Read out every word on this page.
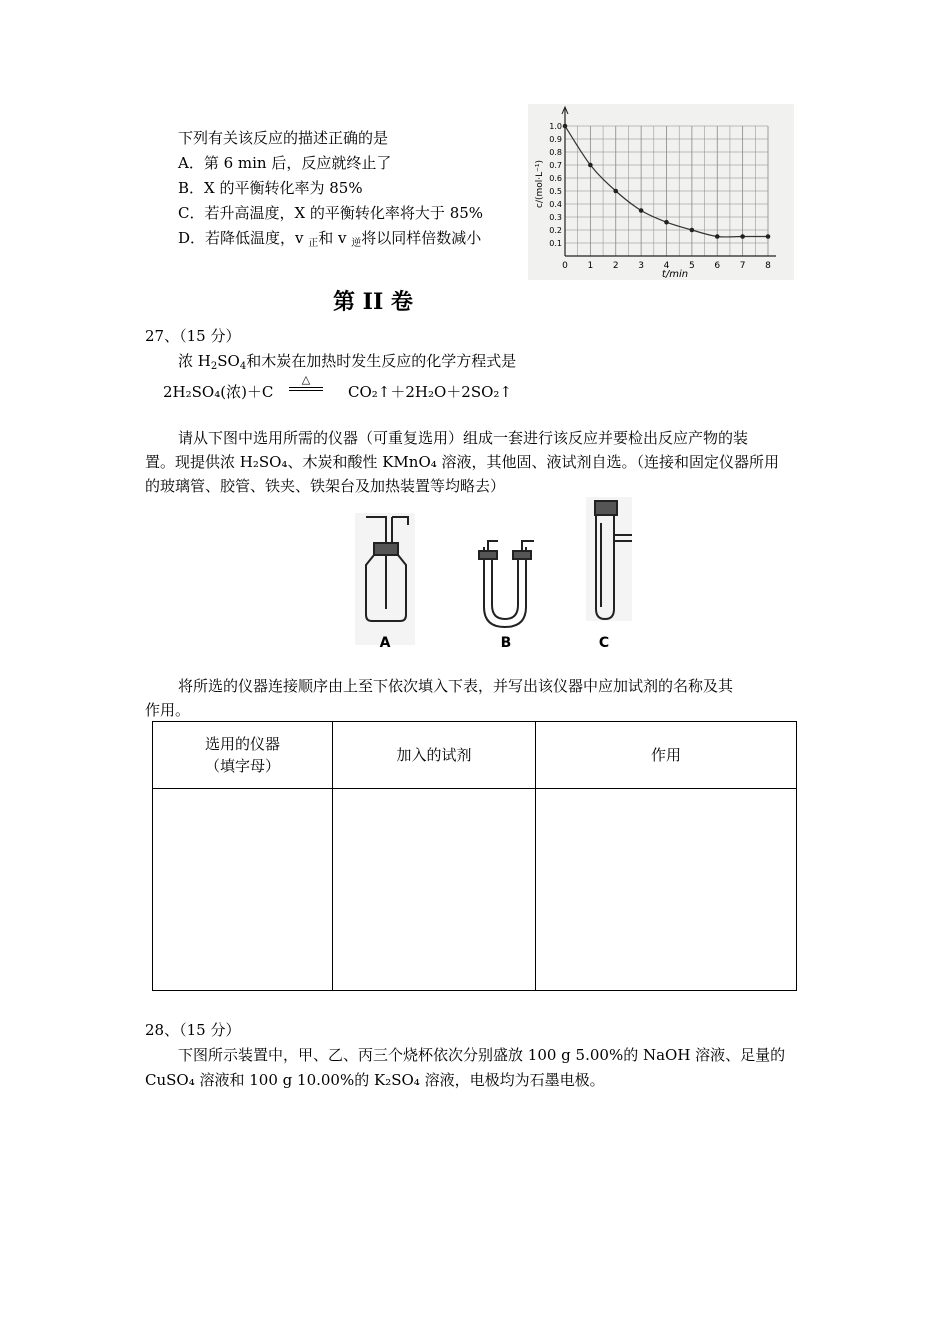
下列有关该反应的描述正确的是
A．第 6 min 后，反应就终止了
B．X 的平衡转化率为 85%
C．若升高温度，X 的平衡转化率将大于 85%
D．若降低温度，v $_正$和 v $_逆$将以同样倍数减小
0 1 2 3 4 5 6 7 8
0.1
0.2
0.3
0.4
0.5
0.6
0.7
0.8
0.9
1.0
t/min
c/(mol·L⁻¹)
第 II 卷
27、（15 分）
浓 $H_2SO_4$和木炭在加热时发生反应的化学方程式是
2H₂SO₄(浓)＋C
△
CO₂↑＋2H₂O＋2SO₂↑
请从下图中选用所需的仪器（可重复选用）组成一套进行该反应并要检出反应产物的装
置。现提供浓 H₂SO₄、木炭和酸性 KMnO₄ 溶液，其他固、液试剂自选。（连接和固定仪器所用
的玻璃管、胶管、铁夹、铁架台及加热装置等均略去）
A	B	C
将所选的仪器连接顺序由上至下依次填入下表，并写出该仪器中应加试剂的名称及其
作用。
选用的仪器
（填字母）	加入的试剂	作用

28、（15 分）
下图所示装置中，甲、乙、丙三个烧杯依次分别盛放 100 g 5.00%的 NaOH 溶液、足量的
CuSO₄ 溶液和 100 g 10.00%的 K₂SO₄ 溶液，电极均为石墨电极。
